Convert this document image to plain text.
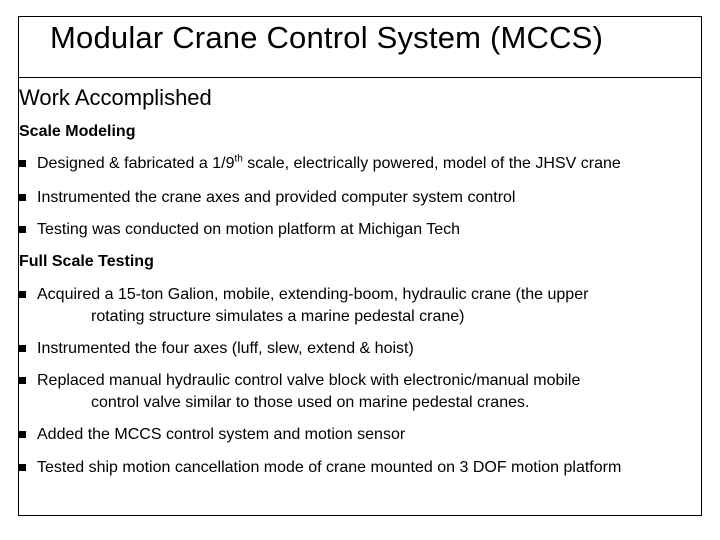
Modular Crane Control System (MCCS)
Work Accomplished
Scale Modeling
Designed & fabricated a 1/9th scale, electrically powered, model of the JHSV crane
Instrumented the crane axes and provided computer system control
Testing was conducted on motion platform at Michigan Tech
Full Scale Testing
Acquired a 15-ton Galion, mobile, extending-boom, hydraulic crane (the upper
rotating structure simulates a marine pedestal crane)
Instrumented the four axes (luff, slew, extend & hoist)
Replaced manual hydraulic control valve block with electronic/manual mobile
control valve similar to those used on marine pedestal cranes.
Added the MCCS control system and motion sensor
Tested ship motion cancellation mode of crane mounted on 3 DOF motion platform
